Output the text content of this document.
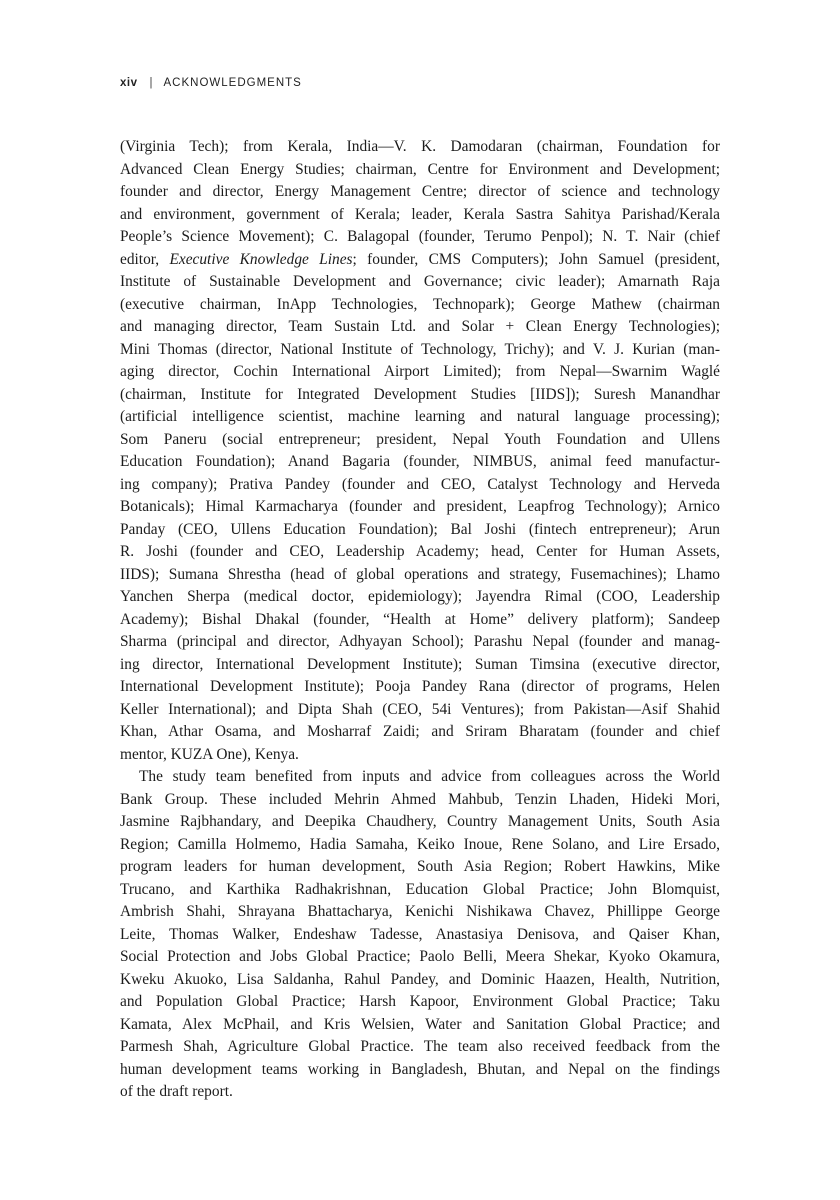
xiv | ACKNOWLEDGMENTS
(Virginia Tech); from Kerala, India—V. K. Damodaran (chairman, Foundation for
Advanced Clean Energy Studies; chairman, Centre for Environment and Development;
founder and director, Energy Management Centre; director of science and technology
and environment, government of Kerala; leader, Kerala Sastra Sahitya Parishad/Kerala
People’s Science Movement); C. Balagopal (founder, Terumo Penpol); N. T. Nair (chief
editor, Executive Knowledge Lines; founder, CMS Computers); John Samuel (president,
Institute of Sustainable Development and Governance; civic leader); Amarnath Raja
(executive chairman, InApp Technologies, Technopark); George Mathew (chairman
and managing director, Team Sustain Ltd. and Solar + Clean Energy Technologies);
Mini Thomas (director, National Institute of Technology, Trichy); and V. J. Kurian (man-
aging director, Cochin International Airport Limited); from Nepal—Swarnim Waglé
(chairman, Institute for Integrated Development Studies [IIDS]); Suresh Manandhar
(artificial intelligence scientist, machine learning and natural language processing);
Som Paneru (social entrepreneur; president, Nepal Youth Foundation and Ullens
Education Foundation); Anand Bagaria (founder, NIMBUS, animal feed manufactur-
ing company); Prativa Pandey (founder and CEO, Catalyst Technology and Herveda
Botanicals); Himal Karmacharya (founder and president, Leapfrog Technology); Arnico
Panday (CEO, Ullens Education Foundation); Bal Joshi (fintech entrepreneur); Arun
R. Joshi (founder and CEO, Leadership Academy; head, Center for Human Assets,
IIDS); Sumana Shrestha (head of global operations and strategy, Fusemachines); Lhamo
Yanchen Sherpa (medical doctor, epidemiology); Jayendra Rimal (COO, Leadership
Academy); Bishal Dhakal (founder, “Health at Home” delivery platform); Sandeep
Sharma (principal and director, Adhyayan School); Parashu Nepal (founder and manag-
ing director, International Development Institute); Suman Timsina (executive director,
International Development Institute); Pooja Pandey Rana (director of programs, Helen
Keller International); and Dipta Shah (CEO, 54i Ventures); from Pakistan—Asif Shahid
Khan, Athar Osama, and Mosharraf Zaidi; and Sriram Bharatam (founder and chief
mentor, KUZA One), Kenya.
The study team benefited from inputs and advice from colleagues across the World
Bank Group. These included Mehrin Ahmed Mahbub, Tenzin Lhaden, Hideki Mori,
Jasmine Rajbhandary, and Deepika Chaudhery, Country Management Units, South Asia
Region; Camilla Holmemo, Hadia Samaha, Keiko Inoue, Rene Solano, and Lire Ersado,
program leaders for human development, South Asia Region; Robert Hawkins, Mike
Trucano, and Karthika Radhakrishnan, Education Global Practice; John Blomquist,
Ambrish Shahi, Shrayana Bhattacharya, Kenichi Nishikawa Chavez, Phillippe George
Leite, Thomas Walker, Endeshaw Tadesse, Anastasiya Denisova, and Qaiser Khan,
Social Protection and Jobs Global Practice; Paolo Belli, Meera Shekar, Kyoko Okamura,
Kweku Akuoko, Lisa Saldanha, Rahul Pandey, and Dominic Haazen, Health, Nutrition,
and Population Global Practice; Harsh Kapoor, Environment Global Practice; Taku
Kamata, Alex McPhail, and Kris Welsien, Water and Sanitation Global Practice; and
Parmesh Shah, Agriculture Global Practice. The team also received feedback from the
human development teams working in Bangladesh, Bhutan, and Nepal on the findings
of the draft report.
